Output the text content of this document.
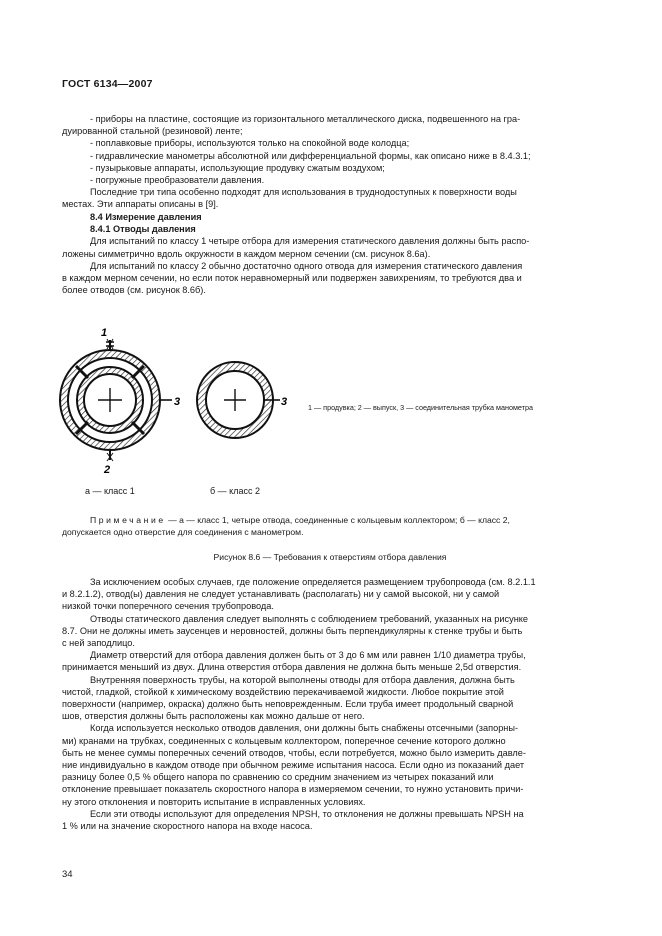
ГОСТ 6134—2007
- приборы на пластине, состоящие из горизонтального металлического диска, подвешенного на гра-
дуированной стальной (резиновой) ленте;
- поплавковые приборы, используются только на спокойной воде колодца;
- гидравлические манометры абсолютной или дифференциальной формы, как описано ниже в 8.4.3.1;
- пузырьковые аппараты, использующие продувку сжатым воздухом;
- погружные преобразователи давления.
Последние три типа особенно подходят для использования в труднодоступных к поверхности воды
местах. Эти аппараты описаны в [9].
8.4 Измерение давления
8.4.1 Отводы давления
Для испытаний по классу 1 четыре отбора для измерения статического давления должны быть распо-
ложены симметрично вдоль окружности в каждом мерном сечении (см. рисунок 8.6а).
Для испытаний по классу 2 обычно достаточно одного отвода для измерения статического давления
в каждом мерном сечении, но если поток неравномерный или подвержен завихрениям, то требуются два и
более отводов (см. рисунок 8.6б).
1
2
3	3	1 — продувка; 2 — выпуск, 3 — соединительная трубка манометра
а — класс 1	б — класс 2
Примечание — а — класс 1, четыре отвода, соединенные с кольцевым коллектором; б — класс 2,
допускается одно отверстие для соединения с манометром.
Рисунок 8.6 — Требования к отверстиям отбора давления
За исключением особых случаев, где положение определяется размещением трубопровода (см. 8.2.1.1
и 8.2.1.2), отвод(ы) давления не следует устанавливать (располагать) ни у самой высокой, ни у самой
низкой точки поперечного сечения трубопровода.
Отводы статического давления следует выполнять с соблюдением требований, указанных на рисунке
8.7. Они не должны иметь заусенцев и неровностей, должны быть перпендикулярны к стенке трубы и быть
с ней заподлицо.
Диаметр отверстий для отбора давления должен быть от 3 до 6 мм или равнен 1/10 диаметра трубы,
принимается меньший из двух. Длина отверстия отбора давления не должна быть меньше 2,5d отверстия.
Внутренняя поверхность трубы, на которой выполнены отводы для отбора давления, должна быть
чистой, гладкой, стойкой к химическому воздействию перекачиваемой жидкости. Любое покрытие этой
поверхности (например, окраска) должно быть неповрежденным. Если труба имеет продольный сварной
шов, отверстия должны быть расположены как можно дальше от него.
Когда используется несколько отводов давления, они должны быть снабжены отсечными (запорны-
ми) кранами на трубках, соединенных с кольцевым коллектором, поперечное сечение которого должно
быть не менее суммы поперечных сечений отводов, чтобы, если потребуется, можно было измерить давле-
ние индивидуально в каждом отводе при обычном режиме испытания насоса. Если одно из показаний дает
разницу более 0,5 % общего напора по сравнению со средним значением из четырех показаний или
отклонение превышает показатель скоростного напора в измеряемом сечении, то нужно установить причи-
ну этого отклонения и повторить испытание в исправленных условиях.
Если эти отводы используют для определения NPSH, то отклонения не должны превышать NPSH на
1 % или на значение скоростного напора на входе насоса.
34
